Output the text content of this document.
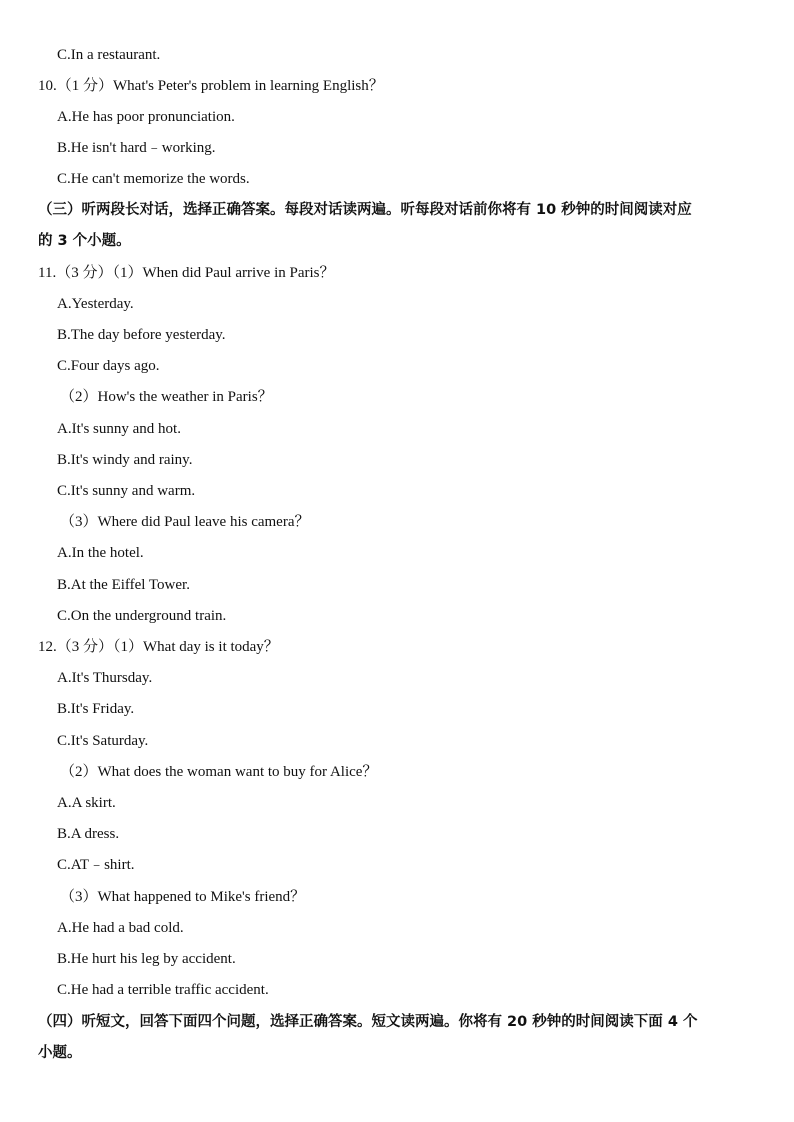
C.In a restaurant.
10.（1 分）What's Peter's problem in learning English？
A.He has poor pronunciation.
B.He isn't hard﹣working.
C.He can't memorize the words.
（三）听两段长对话，选择正确答案。每段对话读两遍。听每段对话前你将有 10 秒钟的时间阅读对应
的 3 个小题。
11.（3 分）（1）When did Paul arrive in Paris？
A.Yesterday.
B.The day before yesterday.
C.Four days ago.
（2）How's the weather in Paris？
A.It's sunny and hot.
B.It's windy and rainy.
C.It's sunny and warm.
（3）Where did Paul leave his camera？
A.In the hotel.
B.At the Eiffel Tower.
C.On the underground train.
12.（3 分）（1）What day is it today？
A.It's Thursday.
B.It's Friday.
C.It's Saturday.
（2）What does the woman want to buy for Alice？
A.A skirt.
B.A dress.
C.AT﹣shirt.
（3）What happened to Mike's friend？
A.He had a bad cold.
B.He hurt his leg by accident.
C.He had a terrible traffic accident.
（四）听短文，回答下面四个问题，选择正确答案。短文读两遍。你将有 20 秒钟的时间阅读下面 4 个
小题。
